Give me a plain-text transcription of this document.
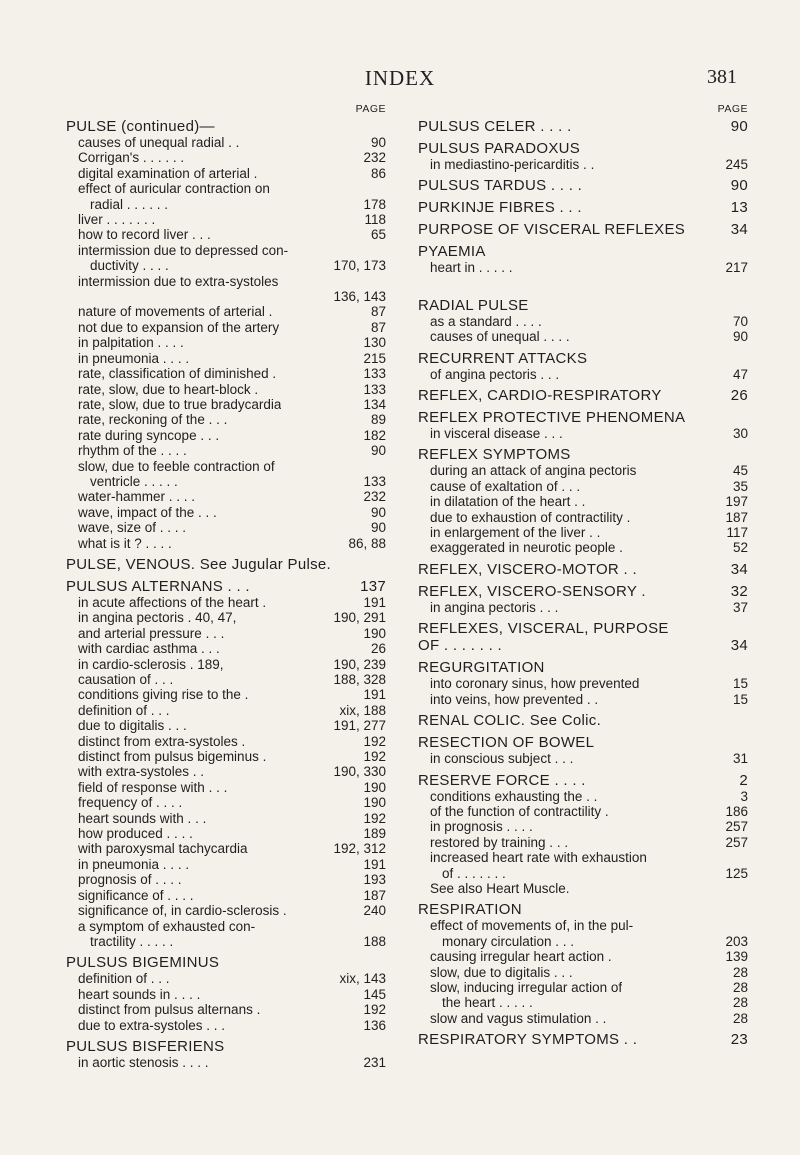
INDEX	381
PAGE
PULSE (continued)—
causes of unequal radial . .	90
Corrigan's . . . . . .	232
digital examination of arterial .	86
effect of auricular contraction on
radial . . . . . .	178
liver . . . . . . .	118
how to record liver . . .	65
intermission due to depressed con-
ductivity . . . .	170, 173
intermission due to extra-systoles
136, 143
nature of movements of arterial .	87
not due to expansion of the artery	87
in palpitation . . . .	130
in pneumonia . . . .	215
rate, classification of diminished .	133
rate, slow, due to heart-block .	133
rate, slow, due to true bradycardia	134
rate, reckoning of the . . .	89
rate during syncope . . .	182
rhythm of the . . . .	90
slow, due to feeble contraction of
ventricle . . . . .	133
water-hammer . . . .	232
wave, impact of the . . .	90
wave, size of . . . .	90
what is it ? . . . .	86, 88
PULSE, VENOUS. See Jugular Pulse.
PULSUS ALTERNANS . . .	137
in acute affections of the heart .	191
in angina pectoris . 40, 47,	190, 291
and arterial pressure . . .	190
with cardiac asthma . . .	26
in cardio-sclerosis . 189,	190, 239
causation of . . .	188, 328
conditions giving rise to the .	191
definition of . . .	xix, 188
due to digitalis . . .	191, 277
distinct from extra-systoles .	192
distinct from pulsus bigeminus .	192
with extra-systoles . .	190, 330
field of response with . . .	190
frequency of . . . .	190
heart sounds with . . .	192
how produced . . . .	189
with paroxysmal tachycardia	192, 312
in pneumonia . . . .	191
prognosis of . . . .	193
significance of . . . .	187
significance of, in cardio-sclerosis .	240
a symptom of exhausted con-
tractility . . . . .	188
PULSUS BIGEMINUS
definition of . . .	xix, 143
heart sounds in . . . .	145
distinct from pulsus alternans .	192
due to extra-systoles . . .	136
PULSUS BISFERIENS
in aortic stenosis . . . .	231
PAGE
PULSUS CELER . . . .	90
PULSUS PARADOXUS
in mediastino-pericarditis . .	245
PULSUS TARDUS . . . .	90
PURKINJE FIBRES . . .	13
PURPOSE OF VISCERAL REFLEXES	34
PYAEMIA
heart in . . . . .	217
RADIAL PULSE
as a standard . . . .	70
causes of unequal . . . .	90
RECURRENT ATTACKS
of angina pectoris . . .	47
REFLEX, CARDIO-RESPIRATORY	26
REFLEX PROTECTIVE PHENOMENA
in visceral disease . . .	30
REFLEX SYMPTOMS
during an attack of angina pectoris	45
cause of exaltation of . . .	35
in dilatation of the heart . .	197
due to exhaustion of contractility .	187
in enlargement of the liver . .	117
exaggerated in neurotic people .	52
REFLEX, VISCERO-MOTOR . .	34
REFLEX, VISCERO-SENSORY .	32
in angina pectoris . . .	37
REFLEXES, VISCERAL, PURPOSE
OF . . . . . . .	34
REGURGITATION
into coronary sinus, how prevented	15
into veins, how prevented . .	15
RENAL COLIC. See Colic.
RESECTION OF BOWEL
in conscious subject . . .	31
RESERVE FORCE . . . .	2
conditions exhausting the . .	3
of the function of contractility .	186
in prognosis . . . .	257
restored by training . . .	257
increased heart rate with exhaustion
of . . . . . . .	125
See also Heart Muscle.
RESPIRATION
effect of movements of, in the pul-
monary circulation . . .	203
causing irregular heart action .	139
slow, due to digitalis . . .	28
slow, inducing irregular action of	28
the heart . . . . .	28
slow and vagus stimulation . .	28
RESPIRATORY SYMPTOMS . .	23
